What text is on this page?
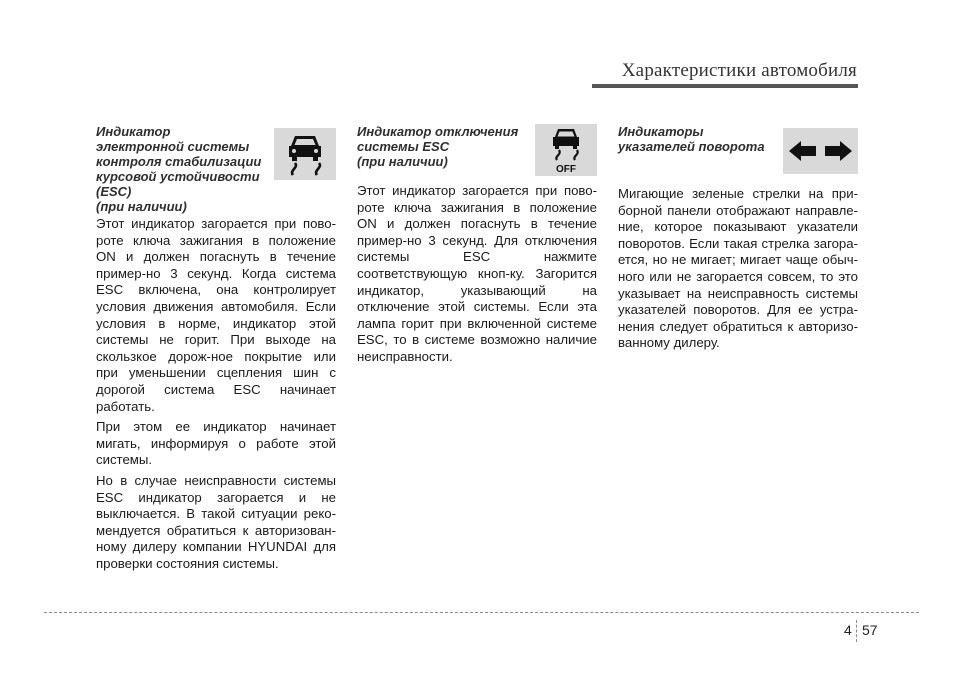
Характеристики автомобиля

Индикатор
электронной системы
контроля стабилизации
курсовой устойчивости
(ESC)
(при наличии)

Этот индикатор загорается при пово-роте ключа зажигания в положение ON и должен погаснуть в течение пример-но 3 секунд. Когда система ESC включена, она контролирует условия движения автомобиля. Если условия в норме, индикатор этой системы не горит. При выходе на скользкое дорож-ное покрытие или при уменьшении сцепления шин с дорогой система ESC начинает работать.

При этом ее индикатор начинает мигать, информируя о работе этой системы.

Но в случае неисправности системы ESC индикатор загорается и не выключается. В такой ситуации реко-мендуется обратиться к авторизован-ному дилеру компании HYUNDAI для проверки состояния системы.

Индикатор отключения
системы ESC
(при наличии)

OFF

Этот индикатор загорается при пово-роте ключа зажигания в положение ON и должен погаснуть в течение пример-но 3 секунд. Для отключения системы ESC нажмите соответствующую кноп-ку. Загорится индикатор, указывающий на отключение этой системы. Если эта лампа горит при включенной системе ESC, то в системе возможно наличие неисправности.

Индикаторы
указателей поворота

Мигающие зеленые стрелки на при-борной панели отображают направле-ние, которое показывают указатели поворотов. Если такая стрелка загора-ется, но не мигает; мигает чаще обыч-ного или не загорается совсем, то это указывает на неисправность системы указателей поворотов. Для ее устра-нения следует обратиться к авторизо-ванному дилеру.

4 57
